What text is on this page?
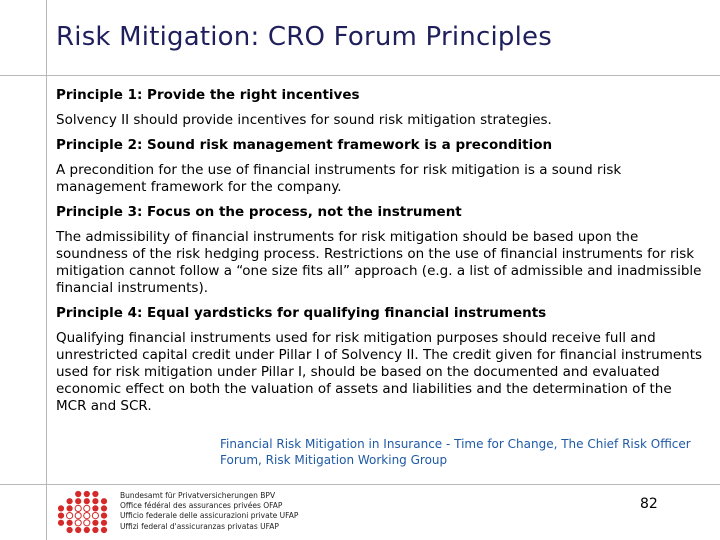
Risk Mitigation: CRO Forum Principles

Principle 1: Provide the right incentives

Solvency II should provide incentives for sound risk mitigation strategies.

Principle 2: Sound risk management framework is a precondition

A precondition for the use of financial instruments for risk mitigation is a sound risk management framework for the company.

Principle 3: Focus on the process, not the instrument

The admissibility of financial instruments for risk mitigation should be based upon the soundness of the risk hedging process. Restrictions on the use of financial instruments for risk mitigation cannot follow a “one size fits all” approach (e.g. a list of admissible and inadmissible financial instruments).

Principle 4: Equal yardsticks for qualifying financial instruments

Qualifying financial instruments used for risk mitigation purposes should receive full and unrestricted capital credit under Pillar I of Solvency II. The credit given for financial instruments used for risk mitigation under Pillar I, should be based on the documented and evaluated economic effect on both the valuation of assets and liabilities and the determination of the MCR and SCR.

Financial Risk Mitigation in Insurance - Time for Change, The Chief Risk Officer Forum, Risk Mitigation Working Group
Bundesamt für Privatversicherungen BPV
Office fédéral des assurances privées OFAP
Ufficio federale delle assicurazioni private UFAP
Uffizi federal d'assicuranzas privatas UFAP
82
